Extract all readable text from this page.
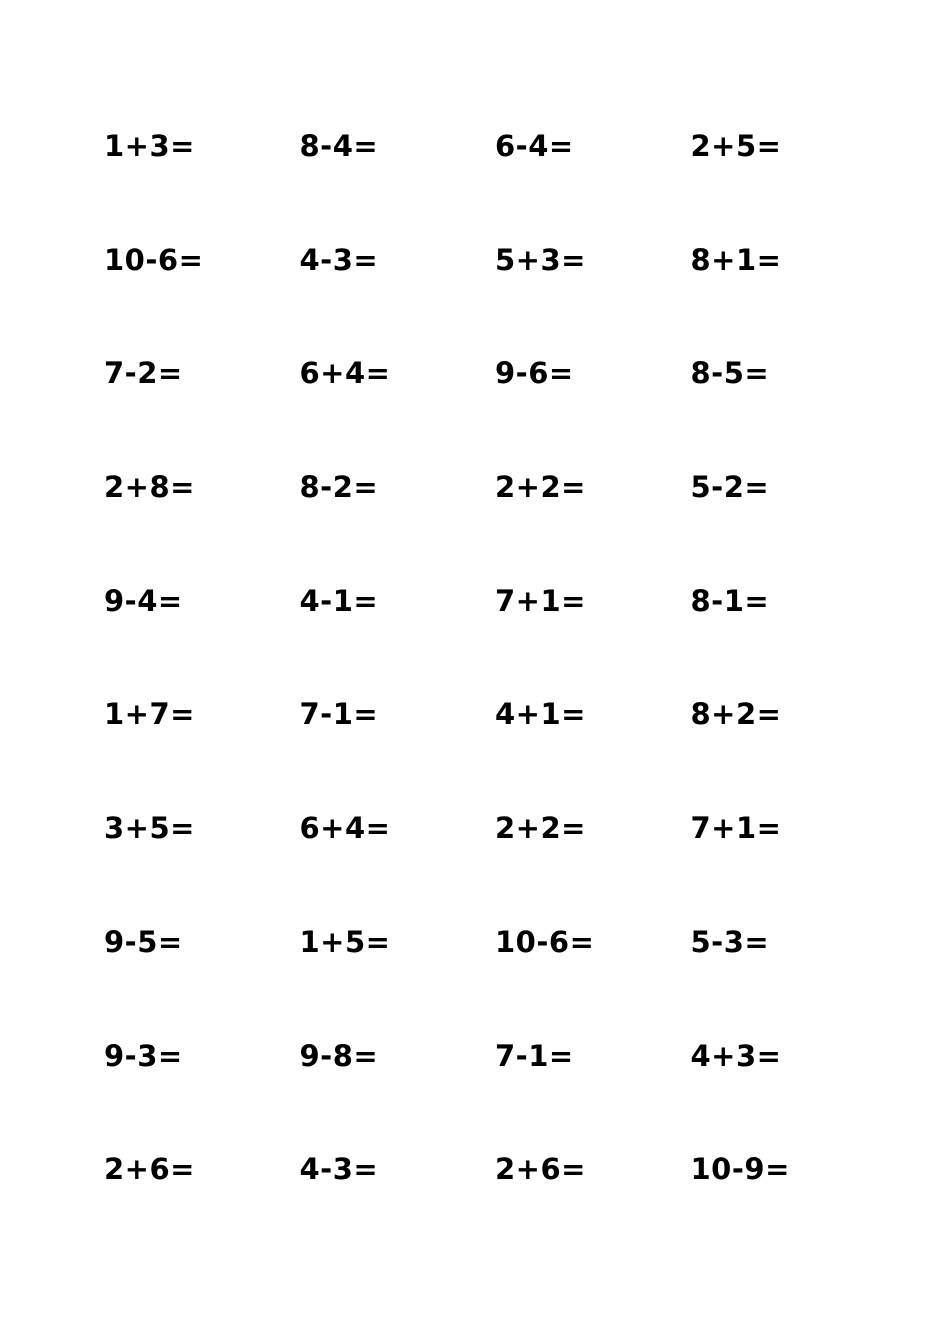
1+3=	8-4=	6-4=	2+5=
10-6=	4-3=	5+3=	8+1=
7-2=	6+4=	9-6=	8-5=
2+8=	8-2=	2+2=	5-2=
9-4=	4-1=	7+1=	8-1=
1+7=	7-1=	4+1=	8+2=
3+5=	6+4=	2+2=	7+1=
9-5=	1+5=	10-6=	5-3=
9-3=	9-8=	7-1=	4+3=
2+6=	4-3=	2+6=	10-9=
